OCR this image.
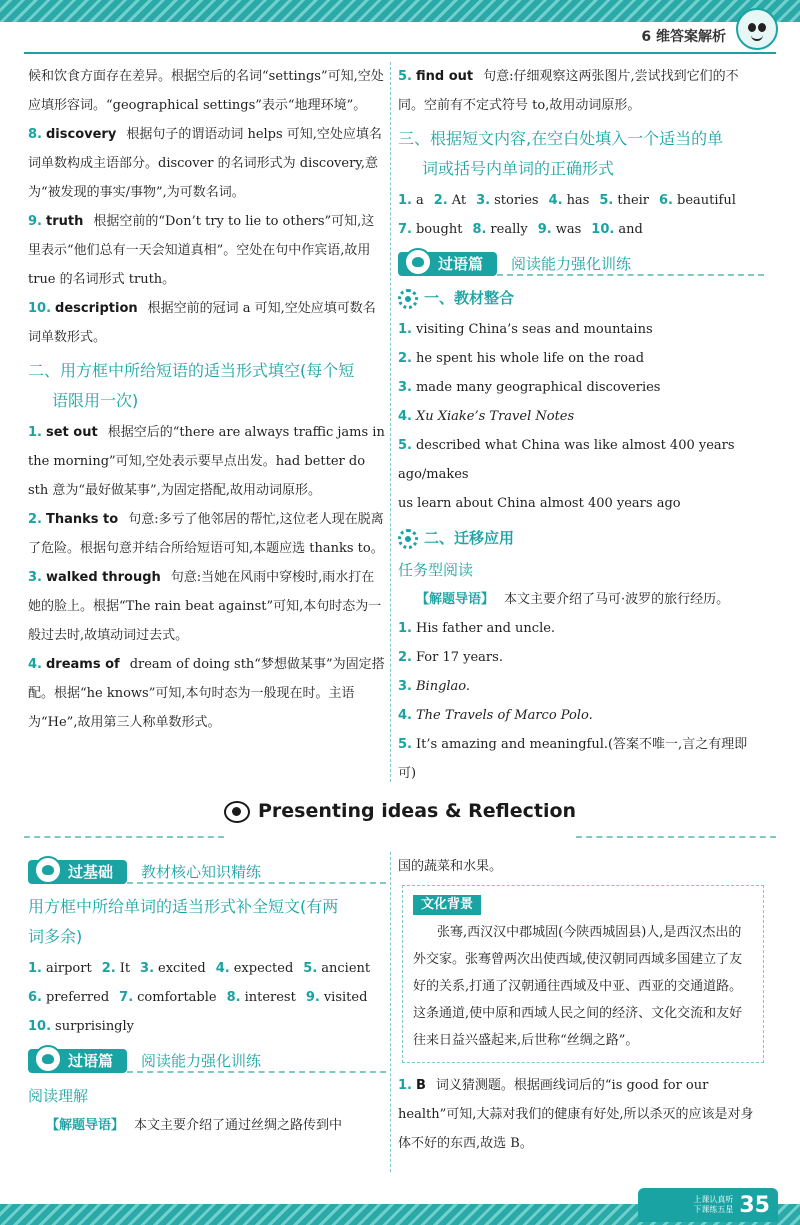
6 维答案解析

候和饮食方面存在差异。根据空后的名词“settings”可知,空处应填形容词。“geographical settings”表示“地理环境”。

8. discovery 根据句子的谓语动词 helps 可知,空处应填名词单数构成主语部分。discover 的名词形式为 discovery,意为“被发现的事实/事物”,为可数名词。

9. truth 根据空前的“Don’t try to lie to others”可知,这里表示“他们总有一天会知道真相”。空处在句中作宾语,故用 true 的名词形式 truth。

10. description 根据空前的冠词 a 可知,空处应填可数名词单数形式。

二、用方框中所给短语的适当形式填空(每个短
语限用一次)

1. set out 根据空后的“there are always traffic jams in the morning”可知,空处表示要早点出发。had better do sth 意为“最好做某事”,为固定搭配,故用动词原形。

2. Thanks to 句意:多亏了他邻居的帮忙,这位老人现在脱离了危险。根据句意并结合所给短语可知,本题应选 thanks to。

3. walked through 句意:当她在风雨中穿梭时,雨水打在她的脸上。根据“The rain beat against”可知,本句时态为一般过去时,故填动词过去式。

4. dreams of dream of doing sth“梦想做某事”为固定搭配。根据“he knows”可知,本句时态为一般现在时。主语为“He”,故用第三人称单数形式。

5. find out 句意:仔细观察这两张图片,尝试找到它们的不同。空前有不定式符号 to,故用动词原形。

三、根据短文内容,在空白处填入一个适当的单
词或括号内单词的正确形式
1. a 2. At 3. stories 4. has 5. their 6. beautiful
7. bought 8. really 9. was 10. and
过语篇	阅读能力强化训练
一、教材整合

1. visiting China’s seas and mountains

2. he spent his whole life on the road

3. made many geographical discoveries

4. Xu Xiake’s Travel Notes

5. described what China was like almost 400 years ago/makes

us learn about China almost 400 years ago

二、迁移应用
任务型阅读

【解题导语】 本文主要介绍了马可·波罗的旅行经历。

1. His father and uncle.

2. For 17 years.

3. Binglao.

4. The Travels of Marco Polo.

5. It’s amazing and meaningful.(答案不唯一,言之有理即可)

Presenting ideas & Reflection
过基础	教材核心知识精练
用方框中所给单词的适当形式补全短文(有两
词多余)
1. airport 2. It 3. excited 4. expected 5. ancient
6. preferred 7. comfortable 8. interest 9. visited
10. surprisingly
过语篇	阅读能力强化训练
阅读理解

【解题导语】 本文主要介绍了通过丝绸之路传到中

国的蔬菜和水果。

文化背景

张骞,西汉汉中郡城固(今陕西城固县)人,是西汉杰出的外交家。张骞曾两次出使西域,使汉朝同西域多国建立了友好的关系,打通了汉朝通往西域及中亚、西亚的交通道路。这条通道,使中原和西域人民之间的经济、文化交流和友好往来日益兴盛起来,后世称“丝绸之路”。

1. B 词义猜测题。根据画线词后的“is good for our health”可知,大蒜对我们的健康有好处,所以杀灭的应该是对身体不好的东西,故选 B。

上课认真听
下课练五星 35
